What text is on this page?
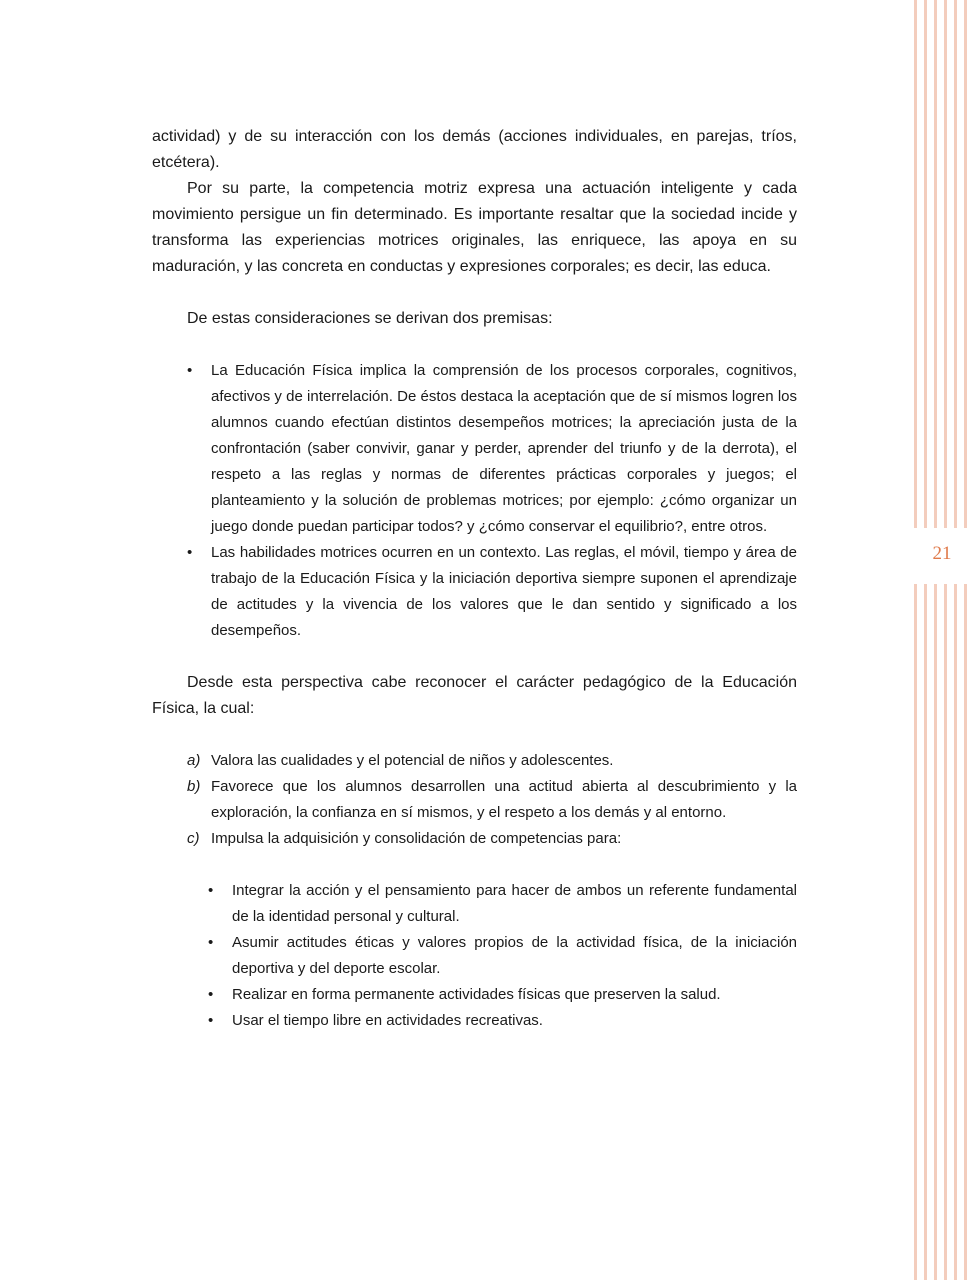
21

actividad) y de su interacción con los demás (acciones individuales, en parejas, tríos, etcétera).

Por su parte, la competencia motriz expresa una actuación inteligente y cada movimiento persigue un fin determinado. Es importante resaltar que la sociedad incide y transforma las experiencias motrices originales, las enriquece, las apoya en su maduración, y las concreta en conductas y expresiones corporales; es decir, las educa.

De estas consideraciones se derivan dos premisas:

• La Educación Física implica la comprensión de los procesos corporales, cognitivos, afectivos y de interrelación. De éstos destaca la aceptación que de sí mismos logren los alumnos cuando efectúan distintos desempeños motrices; la apreciación justa de la confrontación (saber convivir, ganar y perder, aprender del triunfo y de la derrota), el respeto a las reglas y normas de diferentes prácticas corporales y juegos; el planteamiento y la solución de problemas motrices; por ejemplo: ¿cómo organizar un juego donde puedan participar todos? y ¿cómo conservar el equilibrio?, entre otros.
• Las habilidades motrices ocurren en un contexto. Las reglas, el móvil, tiempo y área de trabajo de la Educación Física y la iniciación deportiva siempre suponen el aprendizaje de actitudes y la vivencia de los valores que le dan sentido y significado a los desempeños.

Desde esta perspectiva cabe reconocer el carácter pedagógico de la Educación Física, la cual:

a) Valora las cualidades y el potencial de niños y adolescentes.
b) Favorece que los alumnos desarrollen una actitud abierta al descubrimiento y la exploración, la confianza en sí mismos, y el respeto a los demás y al entorno.
c) Impulsa la adquisición y consolidación de competencias para:
• Integrar la acción y el pensamiento para hacer de ambos un referente fundamental de la identidad personal y cultural.
• Asumir actitudes éticas y valores propios de la actividad física, de la iniciación deportiva y del deporte escolar.
• Realizar en forma permanente actividades físicas que preserven la salud.
• Usar el tiempo libre en actividades recreativas.
